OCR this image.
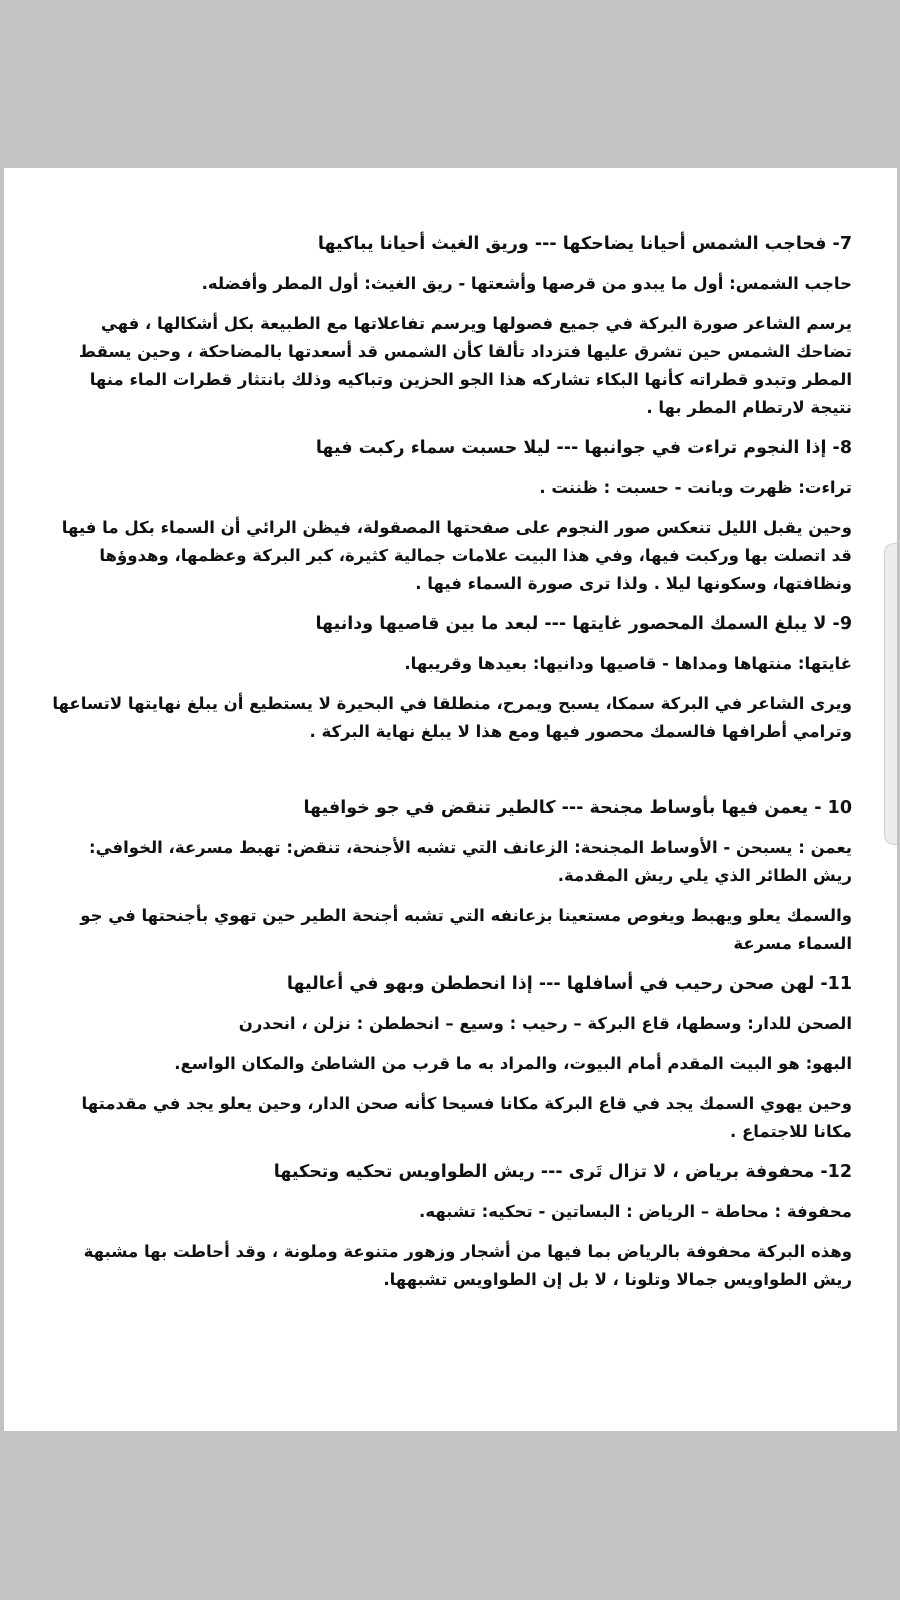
7- فحاجب الشمس أحيانا يضاحكها --- وريق الغيث أحيانا يباكيها

حاجب الشمس: أول ما يبدو من قرصها وأشعتها - ريق الغيث: أول المطر وأفضله.

يرسم الشاعر صورة البركة في جميع فصولها ويرسم تفاعلاتها مع الطبيعة بكل أشكالها ، فهي تضاحك الشمس حين تشرق عليها فتزداد تألقا كأن الشمس قد أسعدتها بالمضاحكة ، وحين يسقط المطر وتبدو قطراته كأنها البكاء تشاركه هذا الجو الحزين وتباكيه وذلك بانتثار قطرات الماء منها نتيجة لارتطام المطر بها .

8- إذا النجوم تراءت في جوانبها --- ليلا حسبت سماء ركبت فيها

تراءت: ظهرت وبانت - حسبت : ظننت .

وحين يقبل الليل تنعكس صور النجوم على صفحتها المصقولة، فيظن الرائي أن السماء بكل ما فيها قد اتصلت بها وركبت فيها، وفي هذا البيت علامات جمالية كثيرة، كبر البركة وعظمها، وهدوؤها ونظافتها، وسكونها ليلا . ولذا ترى صورة السماء فيها .

9- لا يبلغ السمك المحصور غايتها --- لبعد ما بين قاصيها ودانيها

غايتها: منتهاها ومداها - قاصيها ودانيها: بعيدها وقريبها.

ويرى الشاعر في البركة سمكا، يسبح ويمرح، منطلقا في البحيرة لا يستطيع أن يبلغ نهايتها لاتساعها وترامي أطرافها فالسمك محصور فيها ومع هذا لا يبلغ نهاية البركة .

10 - يعمن فيها بأوساط مجنحة --- كالطير تنقض في جو خوافيها

يعمن : يسبحن - الأوساط المجنحة: الزعانف التي تشبه الأجنحة، تنقض: تهبط مسرعة، الخوافي: ريش الطائر الذي يلي ريش المقدمة.

والسمك يعلو ويهبط ويغوص مستعينا بزعانفه التي تشبه أجنحة الطير حين تهوي بأجنحتها في جو السماء مسرعة

11- لهن صحن رحيب في أسافلها --- إذا انحططن وبهو في أعاليها

الصحن للدار: وسطها، قاع البركة – رحيب : وسيع – انحططن : نزلن ، انحدرن

البهو: هو البيت المقدم أمام البيوت، والمراد به ما قرب من الشاطئ والمكان الواسع.

وحين يهوي السمك يجد في قاع البركة مكانا فسيحا كأنه صحن الدار، وحين يعلو يجد في مقدمتها مكانا للاجتماع .

12- محفوفة برياض ، لا تزال تَرى --- ريش الطواويس تحكيه وتحكيها

محفوفة : محاطة – الرياض : البساتين - تحكيه: تشبهه.

وهذه البركة محفوفة بالرياض بما فيها من أشجار وزهور متنوعة وملونة ، وقد أحاطت بها مشبهة ريش الطواويس جمالا وتلونا ، لا بل إن الطواويس تشبهها.
